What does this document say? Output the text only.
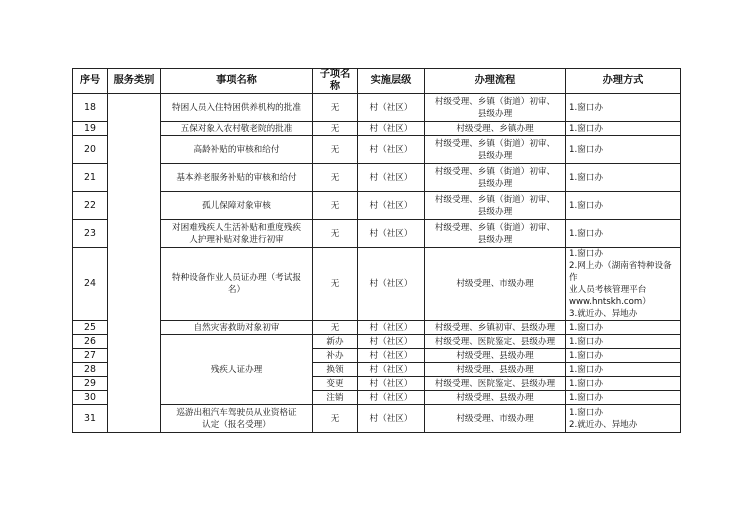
序号	服务类别	事项名称	子项名称	实施层级	办理流程	办理方式
18		特困人员入住特困供养机构的批准	无	村（社区）	村级受理、乡镇（街道）初审、
县级办理	1.窗口办

19		五保对象入农村敬老院的批准	无	村（社区）	村级受理、乡镇办理	1.窗口办

20		高龄补贴的审核和给付	无	村（社区）	村级受理、乡镇（街道）初审、
县级办理	1.窗口办

21		基本养老服务补贴的审核和给付	无	村（社区）	村级受理、乡镇（街道）初审、
县级办理	1.窗口办

22		孤儿保障对象审核	无	村（社区）	村级受理、乡镇（街道）初审、
县级办理	1.窗口办

23		对困难残疾人生活补贴和重度残疾
人护理补贴对象进行初审	无	村（社区）	村级受理、乡镇（街道）初审、
县级办理	1.窗口办

24		特种设备作业人员证办理（考试报
名）	无	村（社区）	村级受理、市级办理	1.窗口办
2.网上办（湖南省特种设备作
业人员考核管理平台
www.hntskh.com）
3.就近办、异地办

25		自然灾害救助对象初审	无	村（社区）	村级受理、乡镇初审、县级办理	1.窗口办

26		残疾人证办理	新办	村（社区）	村级受理、医院鉴定、县级办理	1.窗口办
27			补办	村（社区）	村级受理、县级办理	1.窗口办
28			换领	村（社区）	村级受理、县级办理	1.窗口办
29			变更	村（社区）	村级受理、医院鉴定、县级办理	1.窗口办
30			注销	村（社区）	村级受理、县级办理	1.窗口办
31		巡游出租汽车驾驶员从业资格证
认定（报名受理）	无	村（社区）	村级受理、市级办理	1.窗口办
2.就近办、异地办
